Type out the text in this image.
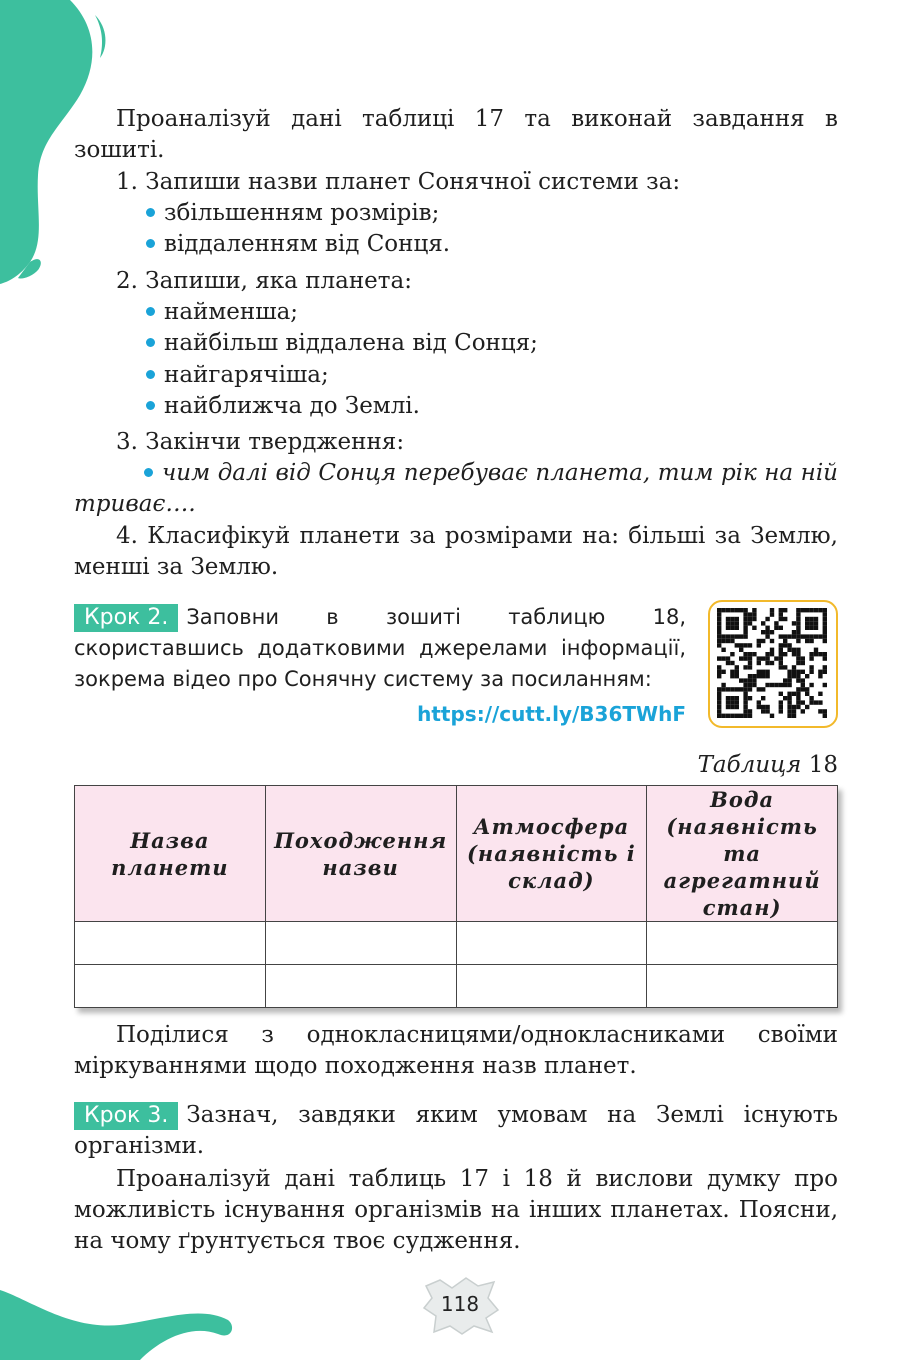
Проаналізуй дані таблиці 17 та виконай завдання в зошиті.

1. Запиши назви планет Сонячної системи за:
збільшенням розмірів;
віддаленням від Сонця.
2. Запиши, яка планета:
найменша;
найбільш віддалена від Сонця;
найгарячіша;
найближча до Землі.
3. Закінчи твердження:

чим далі від Сонця перебуває планета, тим рік на ній триває….

4. Класифікуй планети за розмірами на: більші за Землю, менші за Землю.

Крок 2. Заповни в зошиті таблицю 18, скориставшись додатковими джерелами інформації, зокрема відео про Сонячну систему за посиланням:

https://cutt.ly/B36TWhF
Таблиця 18
Назва планети	Походження назви	Атмосфера (наявність і склад)	Вода (наявність та агрегатний стан)

Поділися з однокласницями/однокласниками своїми міркуваннями щодо походження назв планет.

Крок 3. Зазнач, завдяки яким умовам на Землі існують організми.

Проаналізуй дані таблиць 17 і 18 й вислови думку про можливість існування організмів на інших планетах. Поясни, на чому ґрунтується твоє судження.

118
